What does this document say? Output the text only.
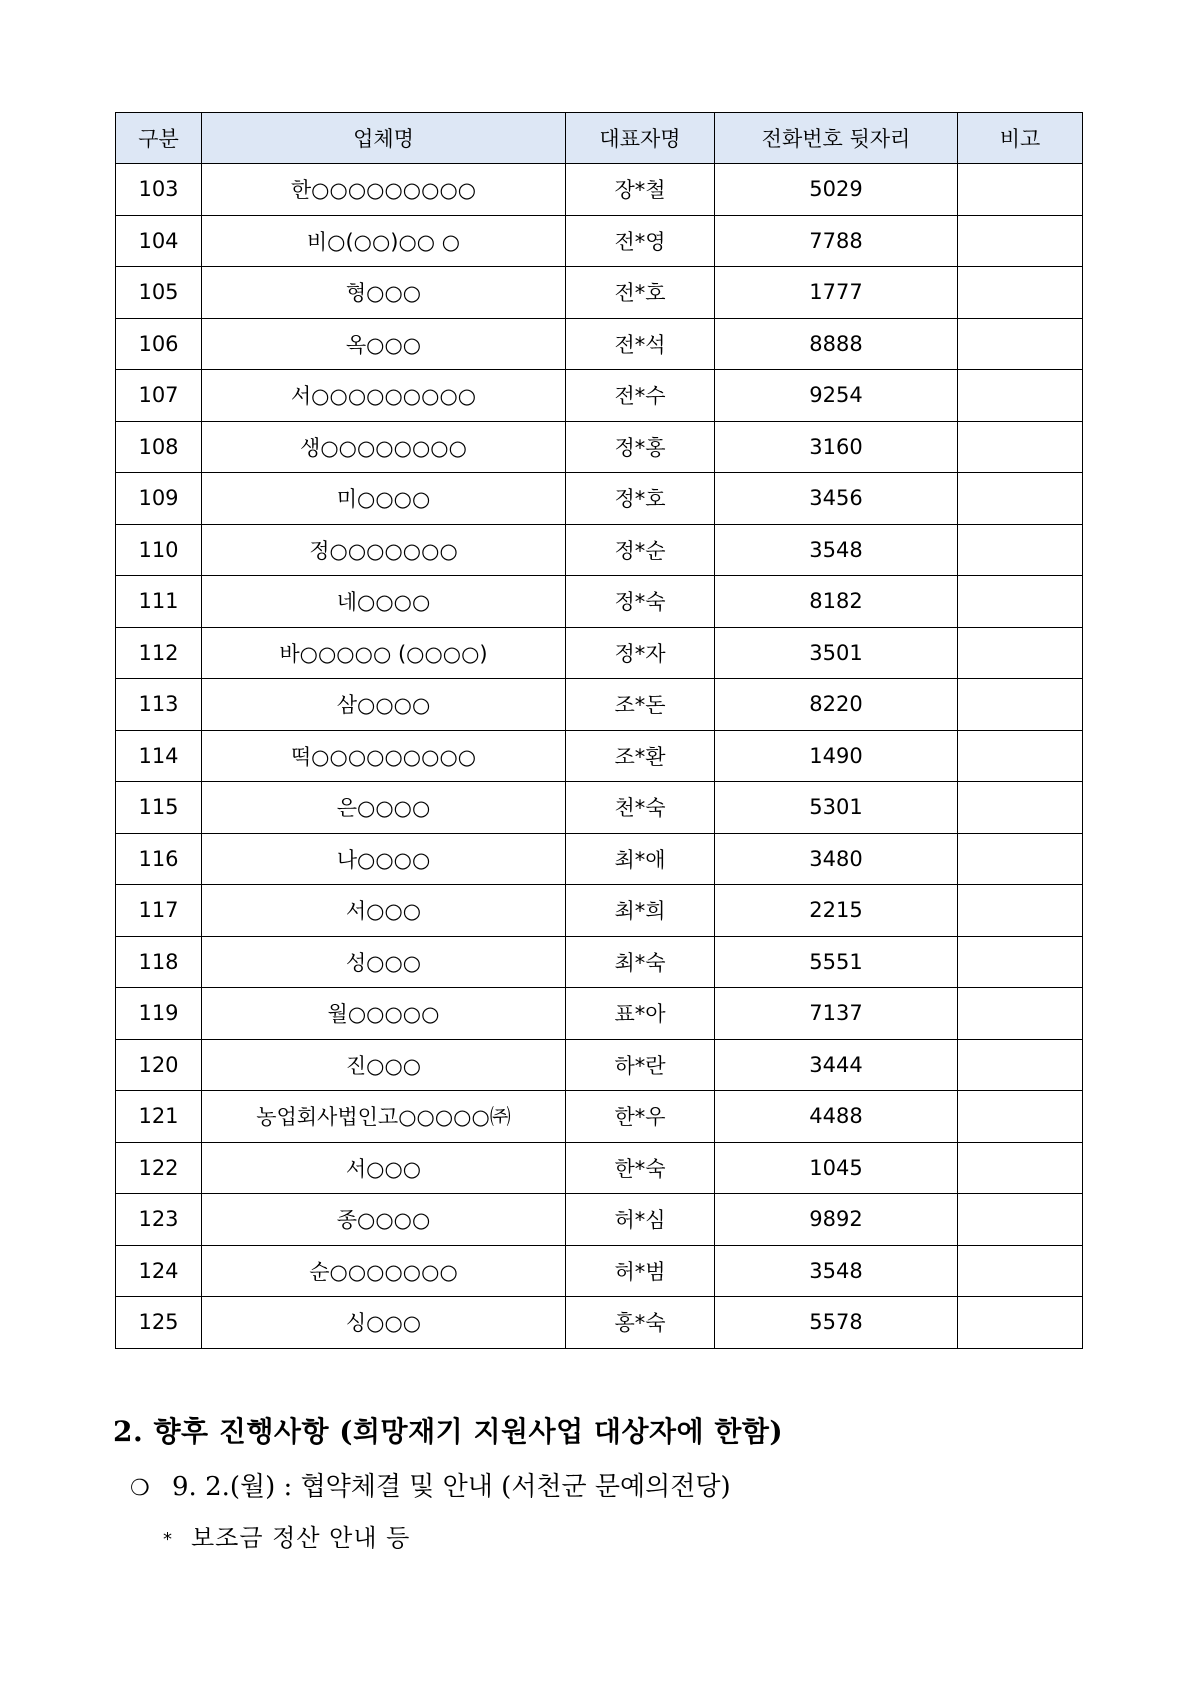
구분	업체명	대표자명	전화번호 뒷자리	비고
103	한○○○○○○○○○	장*철	5029	
104	비○(○○)○○ ○	전*영	7788	
105	형○○○	전*호	1777	
106	옥○○○	전*석	8888	
107	서○○○○○○○○○	전*수	9254	
108	생○○○○○○○○	정*홍	3160	
109	미○○○○	정*호	3456	
110	정○○○○○○○	정*순	3548	
111	네○○○○	정*숙	8182	
112	바○○○○○ (○○○○)	정*자	3501	
113	삼○○○○	조*돈	8220	
114	떡○○○○○○○○○	조*환	1490	
115	은○○○○	천*숙	5301	
116	나○○○○	최*애	3480	
117	서○○○	최*희	2215	
118	성○○○	최*숙	5551	
119	월○○○○○	표*아	7137	
120	진○○○	하*란	3444	
121	농업회사법인고○○○○○㈜	한*우	4488	
122	서○○○	한*숙	1045	
123	종○○○○	허*심	9892	
124	순○○○○○○○	허*범	3548	
125	싱○○○	홍*숙	5578	
2. 향후 진행사항 (희망재기 지원사업 대상자에 한함)
❍ 9. 2.(월) : 협약체결 및 안내 (서천군 문예의전당)
* 보조금 정산 안내 등
